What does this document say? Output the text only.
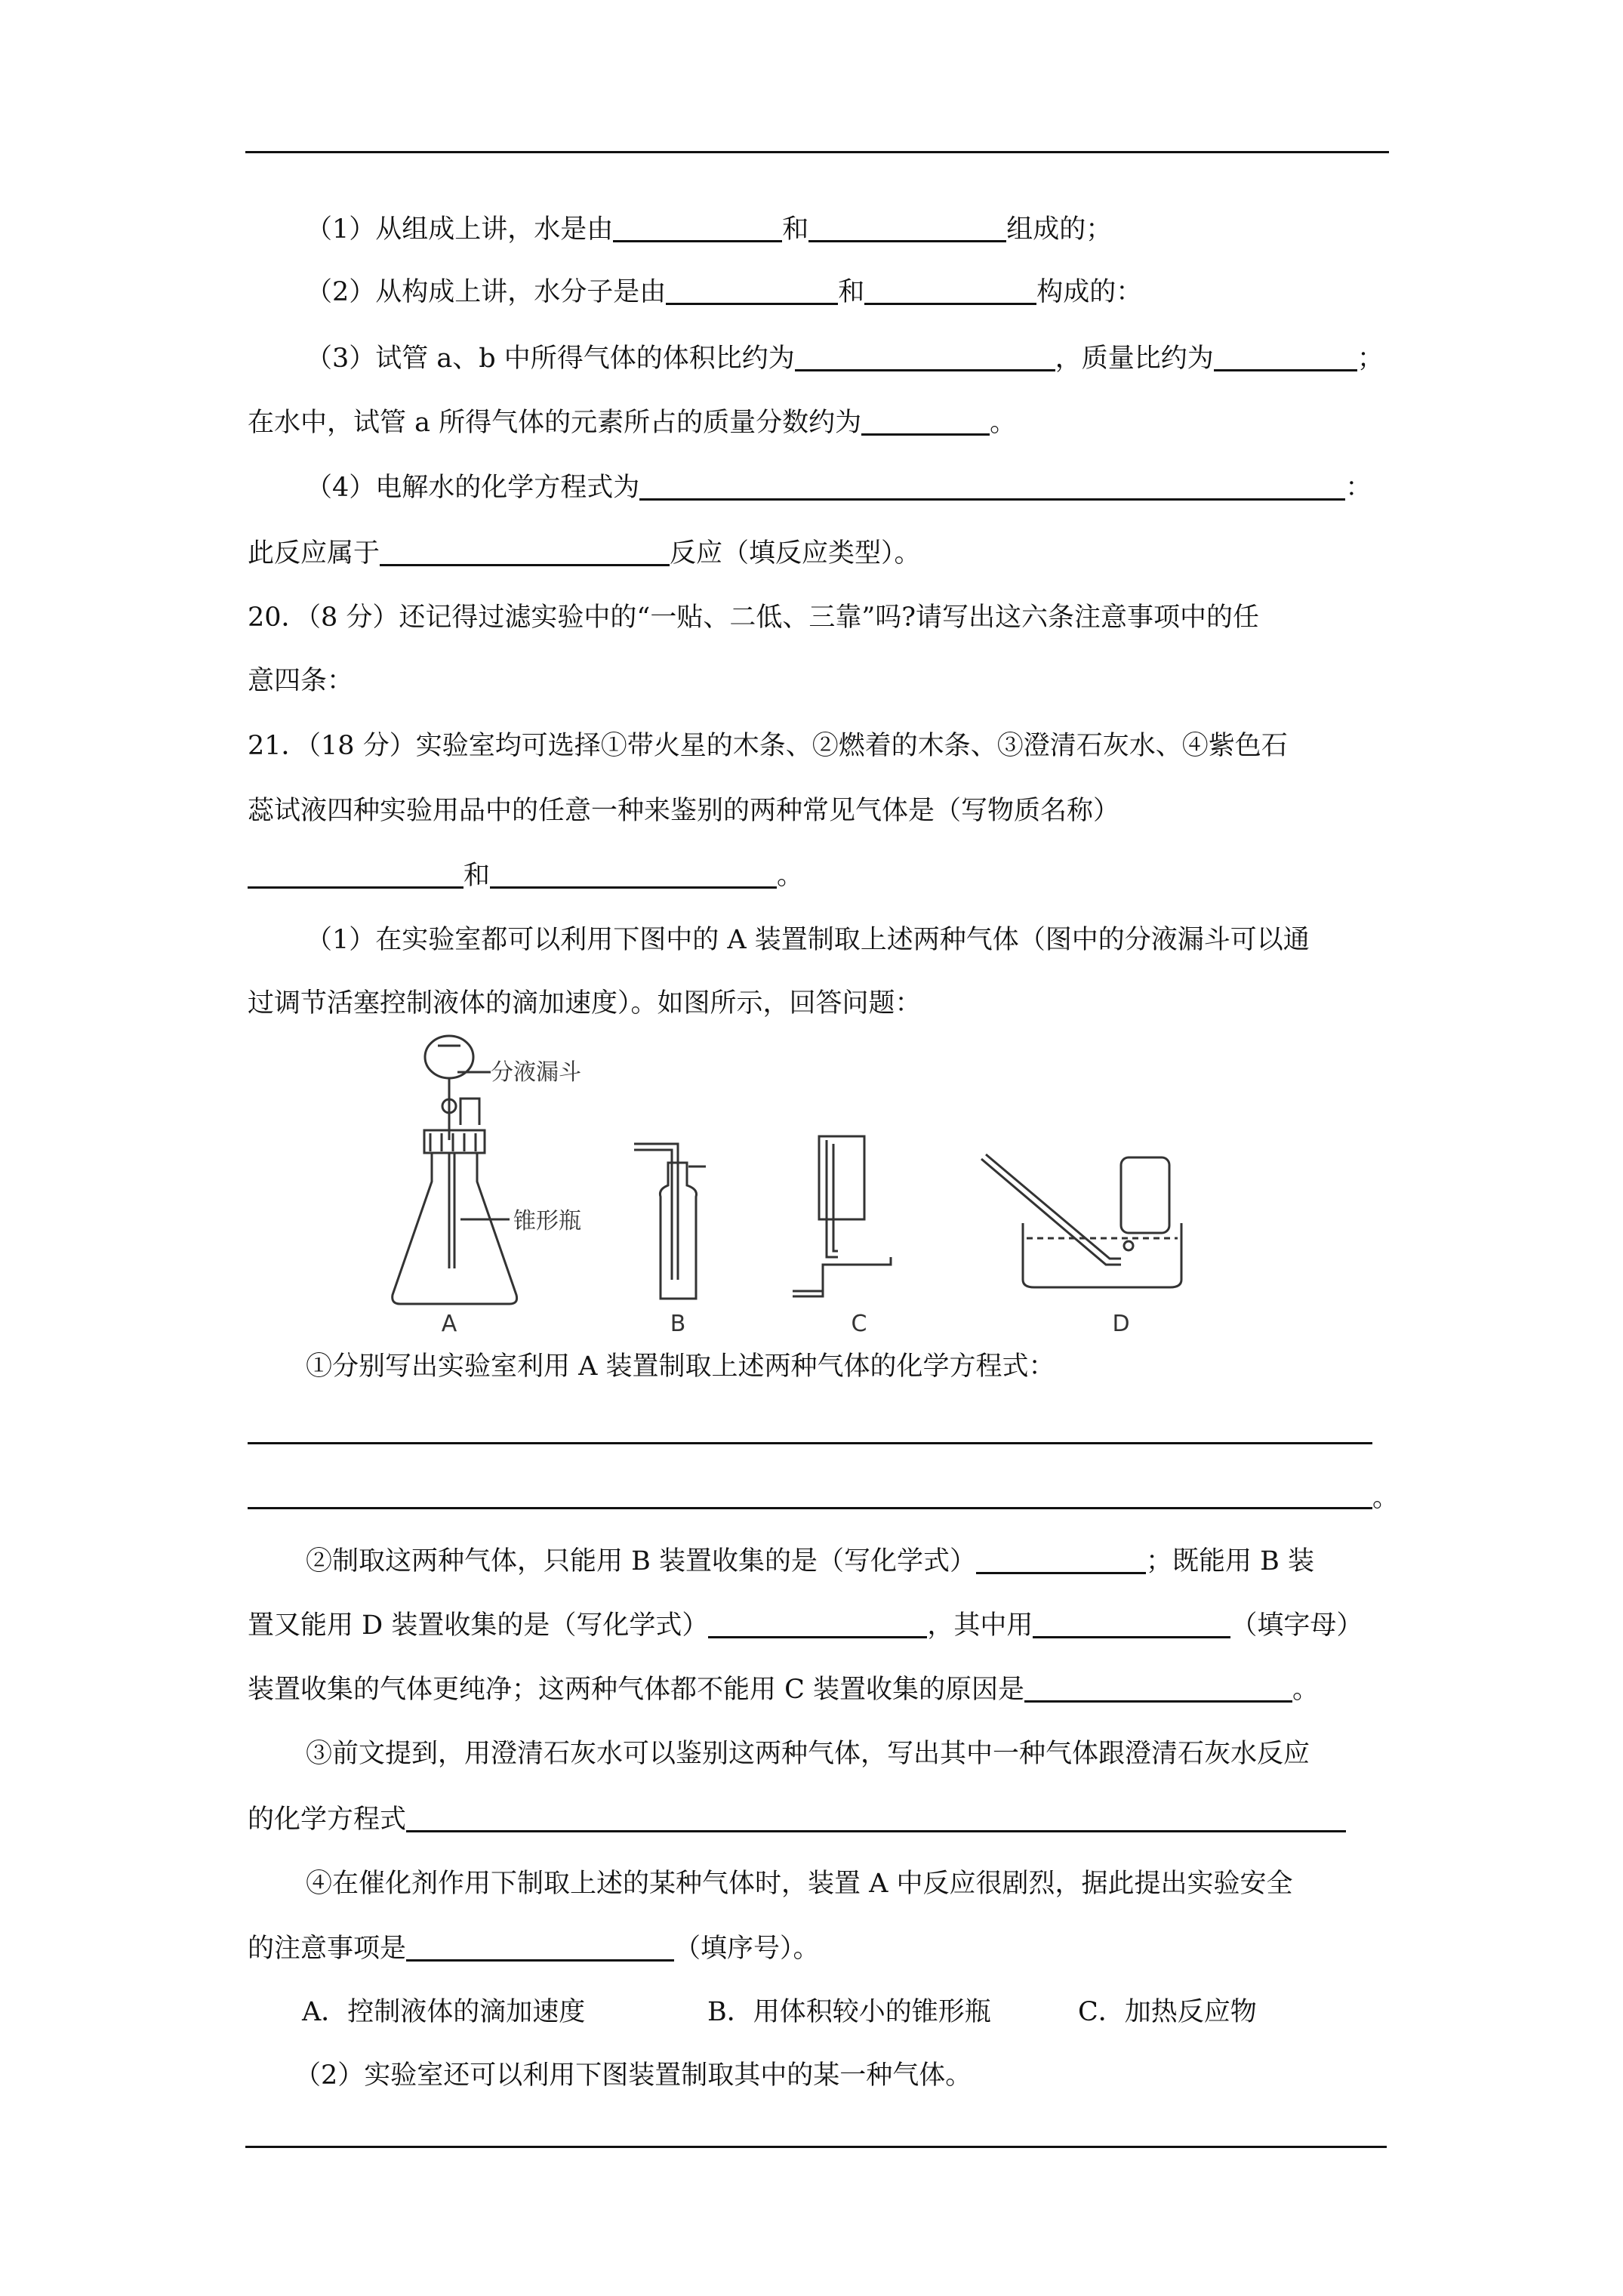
（1）从组成上讲，水是由	和	组成的；
（2）从构成上讲，水分子是由	和	构成的：
（3）试管 a、b 中所得气体的体积比约为	，质量比约为	；
在水中，试管 a 所得气体的元素所占的质量分数约为	。
（4）电解水的化学方程式为	：
此反应属于	反应（填反应类型）。
20．（8 分）还记得过滤实验中的“一贴、二低、三靠”吗?请写出这六条注意事项中的任
意四条：
21．（18 分）实验室均可选择①带火星的木条、②燃着的木条、③澄清石灰水、④紫色石
蕊试液四种实验用品中的任意一种来鉴别的两种常见气体是（写物质名称）
和	。
（1）在实验室都可以利用下图中的 A 装置制取上述两种气体（图中的分液漏斗可以通
过调节活塞控制液体的滴加速度）。如图所示，回答问题：
分液漏斗
锥形瓶
A	B	C	D
①分别写出实验室利用 A 装置制取上述两种气体的化学方程式：
。
②制取这两种气体，只能用 B 装置收集的是（写化学式）	；既能用 B 装
置又能用 D 装置收集的是（写化学式）	，其中用	（填字母）
装置收集的气体更纯净；这两种气体都不能用 C 装置收集的原因是	。
③前文提到，用澄清石灰水可以鉴别这两种气体，写出其中一种气体跟澄清石灰水反应
的化学方程式
④在催化剂作用下制取上述的某种气体时，装置 A 中反应很剧烈，据此提出实验安全
的注意事项是	（填序号）。
A．控制液体的滴加速度	B．用体积较小的锥形瓶	C．加热反应物
（2）实验室还可以利用下图装置制取其中的某一种气体。
